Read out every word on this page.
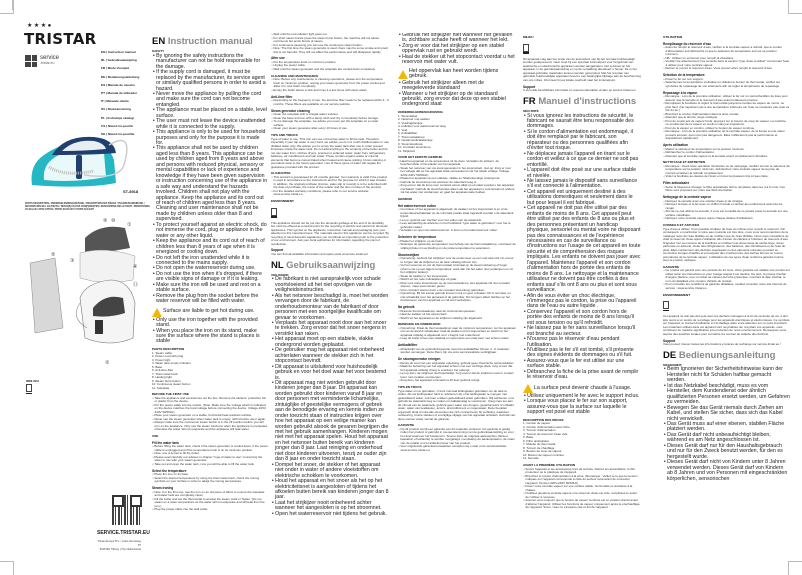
★★★●
TRISTAR
service
.tristar.eu
EN | Instruction manual
NL | Gebruiksaanwijzing
FR | Mode d'emploi
DE | Bedienungsanleitung
ES | Manual de usuario
PT | Manual de utilizador
IT | Manuale utente
SV | Bruksanvisning
PL | Instrukcja obsługi
CS | Návod na použití
SK | Návod na použitie
ST-8918
PARTS DESCRIPTION / ONDERDELENBESCHRIJVING / DESCRIPTION DES PIÈCES / TEILEBESCHREIBUNG / DESCRIPCIÓN DE LAS PIEZAS / DESCRIÇÃO DOS COMPONENTES / DESCRIZIONE DELLE PARTI / BESKRIVNING AV DELAR / OPIS CZĘŚCI / POPIS SOUČÁSTÍ / POPIS SÚČASTÍ
①
②
③
④
⑤
⑨ ⑩
⑪
IMDE 2012
SERVICE.TRISTAR.EU
Tristar Europe B.V. | Jules Verneweg 87
5015 BH Tilburg | The Netherlands
EN Instruction manual
SAFETY
• By ignoring the safety instructions the manufacturer can not be hold responsible for the damage.
• If the supply cord is damaged, it must be replaced by the manufacturer, its service agent or similarly qualified persons in order to avoid a hazard.
• Never move the appliance by pulling the cord and make sure the cord can not become entangled.
• The appliance must be placed on a stable, level surface.
• The user must not leave the device unattended while it is connected to the supply.
• This appliance is only to be used for household purposes and only for the purpose it is made for.
• This appliance shall not be used by children aged less than 8 years. This appliance can be used by children aged from 8 years and above and persons with reduced physical, sensory or mental capabilities or lack of experience and knowledge if they have been given supervision or instruction concerning use of the appliance in a safe way and understand the hazards involved. Children shall not play with the appliance. Keep the appliance and its cord out of reach of children aged less than 8 years. Cleaning and user maintenance shall not be made by children unless older than 8 and supervised.
• To protect yourself against an electric shock, do not immerse the cord, plug or appliance in the water or any other liquid.
• Keep the appliance and its cord out of reach of children less than 8 years of age when it is energized or cooling down.
• Do not left the iron unattended while it is connected to the mains supply.
• Do not open the waterreservoir during use.
• Do not use the iron when it's dropped, if there are visible signs of damage or if it is leaking.
• Make sure the iron will be used and rest on a stable surface.
• Remove the plug from the socket before the water reservoir will be filled with water.
Surface are liable to get hot during use.
• Only use the iron together with the provided stand.
• When you place the iron on its stand, make sure the surface where the stand is places is stable
PARTS DESCRIPTION
1. Steam cable
2. Power cord with plug
3. Power light
4. Water tank empty indicator
5. Base
6. Anti-lime filter
7. Thermostat knob
8. Heating light
9. Steam burst button
10. Continuous steam button
11. Soleplate
BEFORE THE FIRST USE
• Take the appliance and accessories out the box. Remove the stickers, protective foil or plastic from the device.
• Put the power cable into the socket. (Note: Make sure the voltage which is indicated on the device matches the local voltage before connecting the device. Voltage 220V-240V 50/60Hz)
• Place your steam generator on a stable, horizontal heat-resistant surface.
• Never use the steam generator when water tank is empty, refill it before use it again.
• Always make sure the continuous steam button is in the off position before you will turn on the appliance. Only use the steam functions when the appliance is preheated otherwise the water will not evaporate and the appliance will leak water.
USE
Fill the water tank
• Before filling the water tank, check if the steam generator is cooled down, if the power cable is unplugged and if the temperature knob is on its minimum position.
• Note: use a funnel to fill the boiler.
• Please read carefully our advises in chapter "type of water to use" concerning the water to use with your steam generator.
• Take out and open the water tank, now you will be able to fill the water tank.
Select the temperature
• Place the iron on its base.
• Select the desired temperature by using the thermostat knob, check the ironing symbols on your clothes in order to adapt the ironing temperature.
Steam ironing
• Note: For the first use, use the iron on an old piece of fabric to ensure the soleplate and water tank are completely clean.
• Fill the boiler and set the thermostat to at least the steam mark or higher. (Do not steam on a lower temperature as the water will not evaporate and will leak from the iron.)
• Plug the power cable into the wall outlet.
• Wait until the red indicator light goes out.
• For short steam bursts press the steam burst button, the machine will not steam continuous but emits bursts of steam.
• For continuous steaming you can use the continuous steam button.
• Note: The first time the steam generator is used, there may be some smoke and smell, this is not harmful. They will not affect the performance and will disappear rapidly.
After use
• Put the temperature knob on minimum position.
• Unplug the power cable.
• Wait until the steam generator and the soleplate are cooled down completely.
CLEANING AND MAINTENANCE
• Note: Before any maintenance or cleaning operations, please turn the temperature knob on minimum position, unplug your steam generator from the power socket and allow it to cool down completely.
• Empty the boiler above a sink and rinse it a few times with clean water.
Anti-lime filter
• Depending on the frequency of use, the anti-lime filter needs to be replaced within 4 - 6 months. These filters are available on our service website.
Steam generator cleaning
• Clean the soleplate with a vinegar-water solution.
• Clean the base and iron with a damp cloth and dry it completely before storage.
• To not damage the soleplate, we advise you never put the soleplate on a metal surface.
• Clean your steam generator after every 10 times of use.
TIPS AND TRICKS
Type of water to use. This iron can use normal tap water to fill the tank. Therefore, especially if your tap water is very hard, we advise you to mix it with distilled water or use distilled water only. We advise you to empty the water tank after use in order prevent limestone inside the water tank. Do not add anything to the contents of the boiler and do not use water from: clothes dryers, scented or softened water, water from refrigerators, batteries, air conditioners and rain water. These contain organic waste or mineral elements that become concentrated when heated and cause spitting, brown staining or premature wear to the steam generator. Use of these types of water will negate the guarantee provided with the product.
GUARANTEE
• This product is guaranteed for 24 months granted. Your warranty is valid if the product is used in accordance to the instructions and for the purpose for which it was created. In addition, the original purchase (invoice, sales slip or receipt) is to be submitted with the date of purchase, the name of the retailer and the item number of the product.
• For the detailed warranty conditions, please refer to our service website: www.service.tristar.eu
ENVIRONMENT
This appliance should not be put into the domestic garbage at the end of its durability, but must be offered at a central point for the recycling of electric and electronic domestic appliances. This symbol on the appliance, instruction manual and packaging puts your attention to this important issue. The materials used in this appliance can be recycled. By recycling of used domestic appliances you contribute an important push to the protection of our environment. Ask your local authorities for information regarding the point of recollection.
Support
You can find all available information and spare parts at service.tristar.eu!
NL Gebruiksaanwijzing
VEILIGHEID
• De fabrikant is niet aansprakelijk voor schade voortvloeiend uit het niet opvolgen van de veiligheidsinstructies.
• Als het netsnoer beschadigd is, moet het worden vervangen door de fabrikant, de onderhoudsmonteur van de fabrikant of door personen met een soortgelijke kwalificatie om gevaar te voorkomen.
• Verplaats het apparaat nooit door aan het snoer te trekken. Zorg ervoor dat het snoer nergens in verstrikt kan raken.
• Het apparaat moet op een stabiele, vlakke ondergrond worden geplaatst.
• De gebruiker mag het apparaat niet onbeheerd achterlaten wanneer de stekker zich in het stopcontact bevindt.
• Dit apparaat is uitsluitend voor huishoudelijk gebruik en voor het doel waar het voor bestemd is.
• Dit apparaat mag niet worden gebruikt door kinderen jonger dan 8 jaar. Dit apparaat kan worden gebruikt door kinderen vanaf 8 jaar en door personen met verminderde lichamelijke, zintuiglijke of geestelijke vermogens of gebrek aan de benodigde ervaring en kennis indien ze onder toezicht staan of instructies krijgen over hoe het apparaat op een veilige manier kan worden gebruikt alsook de gevaren begrijpen die met het gebruik samenhangen. Kinderen mogen niet met het apparaat spelen. Houd het apparaat en het netsnoer buiten bereik van kinderen jonger dan 8 jaar. Laat reiniging en onderhoud niet door kinderen uitvoeren, tenzij ze ouder zijn dan 8 jaar en onder toezicht staan.
• Dompel het snoer, de stekker of het apparaat niet onder in water of andere vloeistoffen om elektrische schokken te voorkomen.
• Houd het apparaat en het snoer als het op het elektriciteitsnet is aangesloten of tijdens het afkoelen buiten bereik van kinderen jonger dan 8 jaar.
• Laat het strijkijzer nooit onbeheerd achter wanneer het aangesloten is op het stroomnet.
• Open het waterreservoir niet tijdens het gebruik.
• Gebruik het strijkijzer niet wanneer het gevallen is, zichtbare schade heeft of wanneer het lekt.
• Zorg er voor dat het strijkijzer op een stabiel oppervlak rust en gebruikt wordt.
• Haal de stekker uit het stopcontact voordat u het reservoir met water vult.
Het oppervlak kan heet worden tijdens gebruik.
• Gebruik het strijkijzer alleen met de meegeleverde standaard
• Wanneer u het strijkijzer op de standaard gebruikt, zorg ervoor dat deze op een stabiel ondergrond staat
ONDERDELENBESCHRIJVING
1. Stoomkabel
2. Netsnoer met stekker
3. Voedingslampje
4. Indicator voor waterreservoir leeg
5. Voet
6. Antikalkfilter
7. Thermostaatknop
8. Opwarmindicatielampje
9. Stoomstootknop
10. Constant stoomknop
11. Strijkzool
VOOR HET EERSTE GEBRUIK
• Haal het apparaat en de accessoires uit de doos. Verwijder de stickers, de beschermfolie of het plastic van het apparaat.
• Steek het netsnoer van uw stoomgenerator in het stopcontact. (Let op: Zorg er voor het voltage dat op het apparaat staat overeenkomt met het lokale voltage. Voltage 220V-240V 50/60Hz)
• Plaats het apparaat op een stabiele, vlakke en hittebestendige ondergrond.
• Gebruik de stoomknop niet wanneer de watertank leeg is.
• Zorg ervoor dat de knop voor constant stoom altijd op uit staat voordat u het apparaat inschakelt. Gebruik de stoomfuncties alleen als het apparaat is voorverwarmd, anders zal het water niet verdampen en gaat het apparaat water lekken.
GEBRUIK
Het waterreservoir vullen
• Controleer of het apparaat is afgekoeld, de stekker uit het stopcontact is en of de temperatuurschakelaar op de minimale positie staat ingesteld voordat u de watertank bijvult.
• Let op: gebruik een trechter voor het vullen van de watertank.
• Lees aandachtig de adviezen in het hoofdstuk "type water te gebruiken" voor het te gebruiken water.
• Verwijder en open het waterreservoir. U kunt nu het waterreservoir vullen.
Selecteer de temperatuur
• Plaats het strijkijzer op de basis.
• Selecteer de gewenste temperatuur met behulp van de thermostaatknop, controleer de strijksymbolen in uw kleding om de juiste temperatuur te selecteren.
Stoomstrijken
• Opmerking: Gebruik het strijkijzer voor de eerste keer op een oud stuk stof om ervoor te zorgen dat de strijkzool en de tank volledig schoon zijn.
• Vul het reservoir en zet de thermostaat minimaal op de stoommarkering of hoger (stoom niet op een lagere temperatuur, want dan zal het water niet verdampen en uit het strijkijzer lekken).
• Steek de stekker in het stopcontact.
• Wacht tot het rode indicatielampje uit gaat.
• Druk voor korte stoomstoten op de stoomstootknop. Het apparaat zal niet constant stomen, maar stoomstoten geven.
• Voor constant stomen kunt u de constant stoomknop gebruiken.
• Opmerking: Bij het eerste gebruik kunnen rook en geur ontstaan. Dit is normaal, en niet schadelijk voor het apparaat of de gebruiker. Dit zal geen effect hebben op het functioneren van het apparaat en zal snel verdwijnen.
Na gebruik
• Draai de thermostaatknop naar de minimumtemperatuur.
• Haal de stekker uit het stopcontact.
• Wacht tot het apparaat en de strijkzool volledig zijn afgekoeld.
REINIGING EN ONDERHOUD
• Opmerking: Draai de thermostaatknop naar de minimum temperatuur, zet het apparaat uit met de aan/uit schakelaar, haal de stekker uit het stopcontact en wacht tot het apparaat volledig is afgekoeld voor u begint met onderhoud.
• Leeg de boiler boven een wasbak en spoel deze een paar keer met schoon water.
Antikalkfilter
• Afhankelijk van de gebruiksfrequentie moet het antikalkfilter binnen 4 - 6 maanden worden vervangen. Deze filters zijn via onze servicewebsite verkrijgbaar.
De stoomgenerator reinigen
• Reinig de zool met een azijnwater oplossing; gebruik geen chemische oplosmiddelen.
• Maak de behuizing van het apparaat schoon met een vochtige doek, zorg ervoor dat het apparaat volledig droog is voordat u het opbergt.
• Let op dat u de strijkzool niet beschadigt, zorg ervoor dat de strijkzool nooit in contact komt met metalen voorwerpen.
• Zorg dat u het apparaat minimaal na 10 keer gebruik reinigt.
TIPS EN TRUCS
Type water om te gebruiken. U kunt normaal leidingwater gebruiken om de tank te vullen. Als uw leidingwater hard is, adviseren wij u het leidingwater te mengen met gedestilleerd water, ook kunt u alleen gedestilleerd water gebruiken. Wij adviseren u na gebruik de watertank leeg te maken om kalkaanslag te voorkomen. Voeg niets toe aan de inhoud van de watertank, gebruik geen water van drogers, geparfumeerd of ontkalkt water, water van koelkasten, accu's, airconditioners en regenwater. Deze bevatten organisch afval of minerale elementen die zich concentreren bij verhitting, waardoor verkleuring, bruine vlekken of voortijdige slijtage van het apparaat ontstaan. Gebruik van deze soorten water vervalt de garantie.
GARANTIE
• Op dit product wordt een garantie van 24 maanden verleend. Uw garantie is geldig indien het product is gebruikt in overeenstemming met de gebruiksaanwijzing en voor het doel waarvoor het bestemd is. Tevens dient de originele aankoopbon (factuur, kassabon of kwitantie) te worden overgelegd, met daarop de aankoopdatum, de naam van de retailer en het artikelnummer van het product.
• Voor uitgebreide garantievoorwaarden verwijzen wij u naar onze servicewebsite: www.service.tristar.eu
MILIEU
Dit apparaat mag aan het einde van de levensduur niet bij het normale huishoudelijk worden gedeponeerd, maar moet bij een speciaal inzamelpunt voor hergebruik van elektrische en elektronische apparaten worden aangeboden. Het symbool op het apparaat, in de gebruiksaanwijzing en op de verpakking attendeert u hierop. De in het apparaat gebruikte materialen kunnen worden gerecycled. Met het recyclen van gebruikte huishoudelijke apparaten levert u een belangrijke bijdrage aan de bescherming van ons milieu. Informeer bij uw lokale overheid naar het inzamelpunt.
Support
U kunt alle beschikbare informatie en reserveonderdelen vinden op service.tristar.eu!
FR Manuel d'instructions
SÉCURITÉ
• Si vous ignorez les instructions de sécurité, le fabricant ne saurait être tenu responsable des dommages.
• Si le cordon d'alimentation est endommagé, il doit être remplacé par le fabricant, son réparateur ou des personnes qualifiées afin d'éviter tout risque.
• Ne déplacez jamais l'appareil en tirant sur le cordon et veillez à ce que ce dernier ne soit pas entortillé.
• L'appareil doit être posé sur une surface stable et nivelée.
• Ne laissez jamais le dispositif sans surveillance s'il est connecté à l'alimentation.
• Cet appareil est uniquement destiné à des utilisations domestiques et seulement dans le but pour lequel il est fabriqué.
• Cet appareil ne doit pas être utilisé par des enfants de moins de 8 ans. Cet appareil peut être utilisé par des enfants de 8 ans ou plus et des personnes présentant un handicap physique, sensoriel ou mental voire ne disposant pas des connaissances et de l'expérience nécessaires en cas de surveillance ou d'instructions sur l'usage de cet appareil en toute sécurité et de compréhension des risques impliqués. Les enfants ne doivent pas jouer avec l'appareil. Maintenez l'appareil et son cordon d'alimentation hors de portée des enfants de moins de 8 ans. Le nettoyage et la maintenance utilisateur ne doivent pas être confiés à des enfants sauf s'ils ont 8 ans ou plus et sont sous surveillance.
• Afin de vous éviter un choc électrique, n'immergez pas le cordon, la prise ou l'appareil dans de l'eau ou autre liquide .
• Conservez l'appareil et son cordon hors de portée des enfants de moins de 8 ans lorsqu'il est sous tension ou qu'il refroidit.
• Ne laissez pas le fer sans surveillance lorsqu'il est branché au secteur.
• N'ouvrez pas le réservoir d'eau pendant l'utilisation.
• N'utilisez pas le fer s'il est tombé, s'il présente des signes évidents de dommages ou s'il fuit.
• Assurez-vous que le fer est utilisé sur une surface stable.
• Débranchez la fiche de la prise avant de remplir le réservoir d'eau.
La surface peut devenir chaude à l'usage.
• Utilisez uniquement le fer avec le support inclus.
• Lorsque vous placez le fer sur son support, assurez-vous que la surface sur laquelle le support est posé est stable
DESCRIPTION DES PIÈCES
1. Cordon de vapeur
2. Cordon d'alimentation avec fiche
3. Témoin d'alimentation
4. Témoin de réservoir d'eau vide
5. Base
6. Filtre anticalcaire
7. Molette du thermostat
8. Témoin de chauffage
9. Bouton de coup de vapeur
10. Bouton de vapeur continue
11. Semelle
AVANT LA PREMIÈRE UTILISATION
• Sortez l'appareil et les accessoires hors de la boîte. Retirez les autocollants, le film protecteur ou le plastique de l'appareil.
• Branchez le cordon d'alimentation à la prise. (Remarque : Veillez à ce que la tension indiquée sur l'appareil corresponde à celle du secteur local avant de connecter l'appareil. Tension 220V-240V 50/60Hz)
• Posez votre centrale vapeur sur une surface stable, horizontale et résistante à la chaleur.
• N'utilisez jamais la centrale vapeur si le réservoir d'eau est vide, remplissez-le avant de l'utiliser à nouveau.
• Assurez-vous toujours que le bouton de vapeur continue est en position d'arrêt avant d'allumer l'appareil. Utilisez les fonctions de vapeur uniquement après le préchauffage de l'appareil. Sinon, l'eau ne s'évapore pas et fuit de l'appareil.
UTILISATION
Remplissage du réservoir d'eau
• Avant de remplir le réservoir d'eau, vérifiez si la centrale vapeur a refroidi, que le cordon d'alimentation soit débranché et que le sélecteur de température soit sur sa position minimum.
• NB : Utilisez un entonnoir pour remplir la chaudière.
• Veuillez lire attentivement nos conseils dans la section "type d'eau à utiliser" concernant l'eau à utiliser pour votre centrale vapeur.
• Retirez et ouvrez le réservoir d'eau. Vous pouvez alors remplir le réservoir d'eau.
Sélection de la température
• Posez le fer sur son support.
• Sélectionnez la température souhaitée en utilisant le bouton du thermostat, vérifiez les symboles de repassage de vos vêtements afin de régler la température de repassage.
Repassage à la vapeur
• Remarque : Lors de la première utilisation, utilisez le fer sur un vieil échantillon de tissu pour assurer que la semelle et le réservoir d'eau soient totalement propres.
• Remplissez la bouilloire et réglez le thermostat jusqu'à la marque de vapeur au moins, ou plus haut. (Ne vaporisez pas à une température inférieure car l'eau ne s'évapore pas mais va fuir du fer.)
• Branchez le cordon d'alimentation dans la prise murale.
• Attendez que le témoin rouge s'éteigne.
• Pour de courts jets de vapeur brefs, appuyez sur le bouton de coup de vapeur. La machine ne produit pas de la vapeur en continu mais par impulsions.
• Pour de la vapeur en continu, utilisez le bouton de vapeur continue.
• Remarque : Lors de la première utilisation de la centrale vapeur, de la fumée et une odeur peuvent émaner, quoi n'est pas dangereux. Elles n'affecteront pas la performance et disparaîtront rapidement.
Après utilisation
• Mettez le sélecteur de température sur la position minimum.
• Débranchez le cordon d'alimentation.
• Attendez que la centrale vapeur et la semelle soient complètement refroidies.
NETTOYAGE ET ENTRETIEN
• Remarque : Avant toute opération d'entretien ou de nettoyage, veuillez tourner le sélecteur de température sur la position minimum, débranchez votre centrale vapeur de la prise de courant et laissez-la refroidir complètement.
• Videz la bouilloire au-dessus de l'évier et rincez-la plusieurs fois à l'eau claire.
Filtre anticalcaire
• Selon la fréquence d'usage, le filtre anticalcaire doit le remplacer dans les 4 à 6 mois. Ces filtres sont proposés sur notre site Web d'entretien.
Nettoyage de la centrale vapeur
• Nettoyez la semelle avec une solution d'eau et de vinaigre.
• Nettoyez la base et le fer avec un chiffon humide et séchez-les entièrement avant de les ranger.
• Afin de ne pas abîmer la semelle, il vous est conseillé de ne jamais poser la semelle sur une surface métallique.
• Nettoyez votre centrale vapeur après chaque dizaine d'utilisations.
CONSEILS ET ASTUCES
Type d'eau à utiliser. Il est possible d'utiliser de l'eau du robinet pour remplir le réservoir. Par conséquent, en particulier si votre eau courante est très dure, nous vous recommandons de la mélanger avec de l'eau distillée ou de n'utiliser que de l'eau distillée. Nous vous conseillons de vider le réservoir d'eau après l'utilisation afin d'éviter du calcaire à l'intérieur du réservoir d'eau. N'ajoutez rien au contenu de la bouilloire et n'utilisez pas d'eau issue de sèche-linge, d'eau parfumée ou adoucie, d'eau des réfrigérateurs, des batteries, des climatiseurs et de l'eau de pluie. Elles contiennent des déchets organiques ou des éléments minéraux pouvant se concentrer lorsque chauffés et provoquant des crachements, des taches brunes ou l'usure prématurée de la centrale vapeur. L'utilisation de ces types d'eau rendra la garantie fournie avec le produit, caduque.
GARANTIE
• Ce produit est garanti pour une période de 24 mois. Votre garantie est valable si le produit est utilisé selon les instructions et pour l'usage auquel il est destiné. De plus, la preuve d'achat d'origine (facture, reçu ou ticket de caisse) doit être présentée, montrant la date d'achat, le nom du détaillant et le numéro d'article du produit.
• Pour connaître les conditions de garantie détaillées, veuillez consulter notre site Internet de service : www.service.tristar.eu
ENVIRONNEMENT
Cet appareil ne doit pas être jeté avec les déchets ménagers à la fin de sa durée de vie, il doit être remis à un centre de recyclage pour les appareils électriques et électroniques. Ce symbole sur l'appareil, le manuel d'utilisation et l'emballage attire votre attention sur ce point important. Les matériaux utilisés dans cet appareil sont recyclables. En recyclant vos appareils, vous contribuez de manière significative à la protection de notre environnement. Renseignez-vous auprès des autorités locales pour connaître les centres de collecte des déchets.
Support
Vous pouvez trouver toutes les informations et pièces de rechange sur service.tristar.eu !
DE Bedienungsanleitung
SICHERHEIT
• Beim Ignorieren der Sicherheitshinweise kann der Hersteller nicht für Schäden haftbar gemacht werden.
• Ist das Netzkabel beschädigt, muss es vom Hersteller, dem Kundendienst oder ähnlich qualifizierten Personen ersetzt werden, um Gefahren zu vermeiden.
• Bewegen Sie das Gerät niemals durch Ziehen am Kabel, und stellen Sie sicher, dass sich das Kabel nicht verwickelt.
• Das Gerät muss auf einer ebenen, stabilen Fläche platziert werden.
• Das Gerät darf nicht unbeaufsichtigt bleiben, während es am Netz angeschlossen ist.
• Dieses Gerät darf nur für den Haushaltsgebrauch und nur für den Zweck benutzt werden, für den es hergestellt wurde.
• Dieses Gerät darf nicht von Kindern unter 8 Jahren verwendet werden. Dieses Gerät darf von Kindern ab 8 Jahren und von Personen mit eingeschränkten körperlichen, sensorischen
